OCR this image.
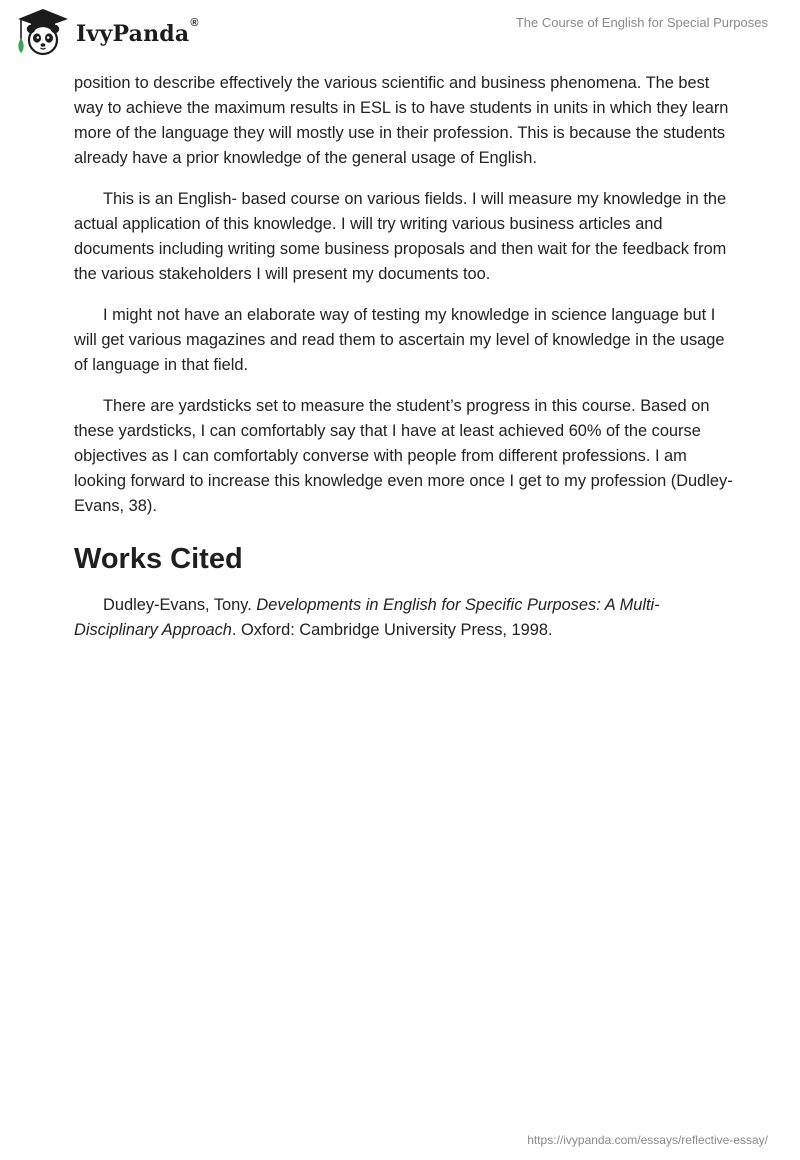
IvyPanda®	The Course of English for Special Purposes

position to describe effectively the various scientific and business phenomena. The best way to achieve the maximum results in ESL is to have students in units in which they learn more of the language they will mostly use in their profession. This is because the students already have a prior knowledge of the general usage of English.

This is an English- based course on various fields. I will measure my knowledge in the actual application of this knowledge. I will try writing various business articles and documents including writing some business proposals and then wait for the feedback from the various stakeholders I will present my documents too.

I might not have an elaborate way of testing my knowledge in science language but I will get various magazines and read them to ascertain my level of knowledge in the usage of language in that field.

There are yardsticks set to measure the student’s progress in this course. Based on these yardsticks, I can comfortably say that I have at least achieved 60% of the course objectives as I can comfortably converse with people from different professions. I am looking forward to increase this knowledge even more once I get to my profession (Dudley-Evans, 38).

Works Cited

Dudley-Evans, Tony. Developments in English for Specific Purposes: A Multi-Disciplinary Approach. Oxford: Cambridge University Press, 1998.

https://ivypanda.com/essays/reflective-essay/
